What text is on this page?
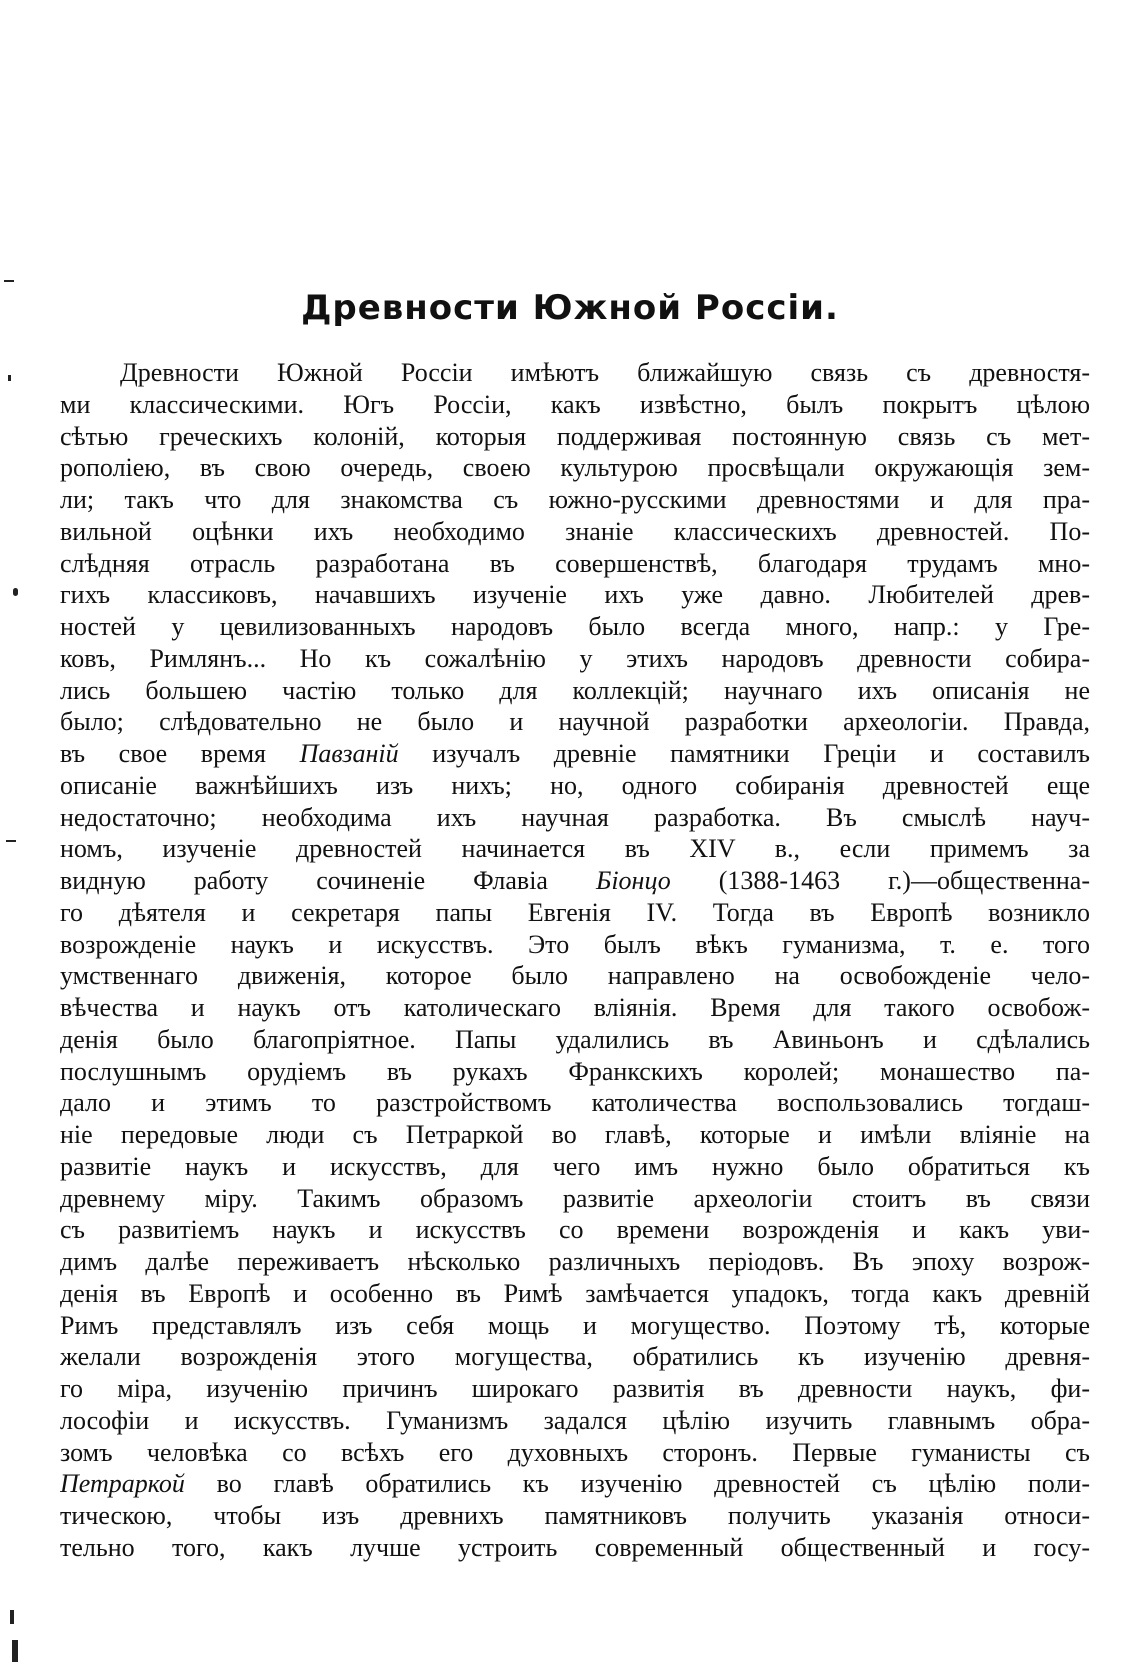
Древности Южной Россіи.
Древности Южной Россіи имѣютъ ближайшую связь съ древностя-
ми классическими. Югъ Россіи, какъ извѣстно, былъ покрытъ цѣлою
сѣтью греческихъ колоній, которыя поддерживая постоянную связь съ мет-
рополіею, въ свою очередь, своею культурою просвѣщали окружающія зем-
ли; такъ что для знакомства съ южно-русскими древностями и для пра-
вильной оцѣнки ихъ необходимо знаніе классическихъ древностей. По-
слѣдняя отрасль разработана въ совершенствѣ, благодаря трудамъ мно-
гихъ классиковъ, начавшихъ изученіе ихъ уже давно. Любителей древ-
ностей у цевилизованныхъ народовъ было всегда много, напр.: у Гре-
ковъ, Римлянъ... Но къ сожалѣнію у этихъ народовъ древности собира-
лись большею частію только для коллекцій; научнаго ихъ описанія не
было; слѣдовательно не было и научной разработки археологіи. Правда,
въ свое время Павзаній изучалъ древніе памятники Греціи и составилъ
описаніе важнѣйшихъ изъ нихъ; но, одного собиранія древностей еще
недостаточно; необходима ихъ научная разработка. Въ смыслѣ науч-
номъ, изученіе древностей начинается въ XIV в., если примемъ за
видную работу сочиненіе Флавіа Біонцо (1388-1463 г.)—общественна-
го дѣятеля и секретаря папы Евгенія IV. Тогда въ Европѣ возникло
возрожденіе наукъ и искусствъ. Это былъ вѣкъ гуманизма, т. е. того
умственнаго движенія, которое было направлено на освобожденіе чело-
вѣчества и наукъ отъ католическаго вліянія. Время для такого освобож-
денія было благопріятное. Папы удалились въ Авиньонъ и сдѣлались
послушнымъ орудіемъ въ рукахъ Франкскихъ королей; монашество па-
дало и этимъ то разстройствомъ католичества воспользовались тогдаш-
ніе передовые люди съ Петраркой во главѣ, которые и имѣли вліяніе на
развитіе наукъ и искусствъ, для чего имъ нужно было обратиться къ
древнему міру. Такимъ образомъ развитіе археологіи стоитъ въ связи
съ развитіемъ наукъ и искусствъ со времени возрожденія и какъ уви-
димъ далѣе переживаетъ нѣсколько различныхъ періодовъ. Въ эпоху возрож-
денія въ Европѣ и особенно въ Римѣ замѣчается упадокъ, тогда какъ древній
Римъ представлялъ изъ себя мощь и могущество. Поэтому тѣ, которые
желали возрожденія этого могущества, обратились къ изученію древня-
го міра, изученію причинъ широкаго развитія въ древности наукъ, фи-
лософіи и искусствъ. Гуманизмъ задался цѣлію изучить главнымъ обра-
зомъ человѣка со всѣхъ его духовныхъ сторонъ. Первые гуманисты съ
Петраркой во главѣ обратились къ изученію древностей съ цѣлію поли-
тическою, чтобы изъ древнихъ памятниковъ получить указанія относи-
тельно того, какъ лучше устроить современный общественный и госу-
